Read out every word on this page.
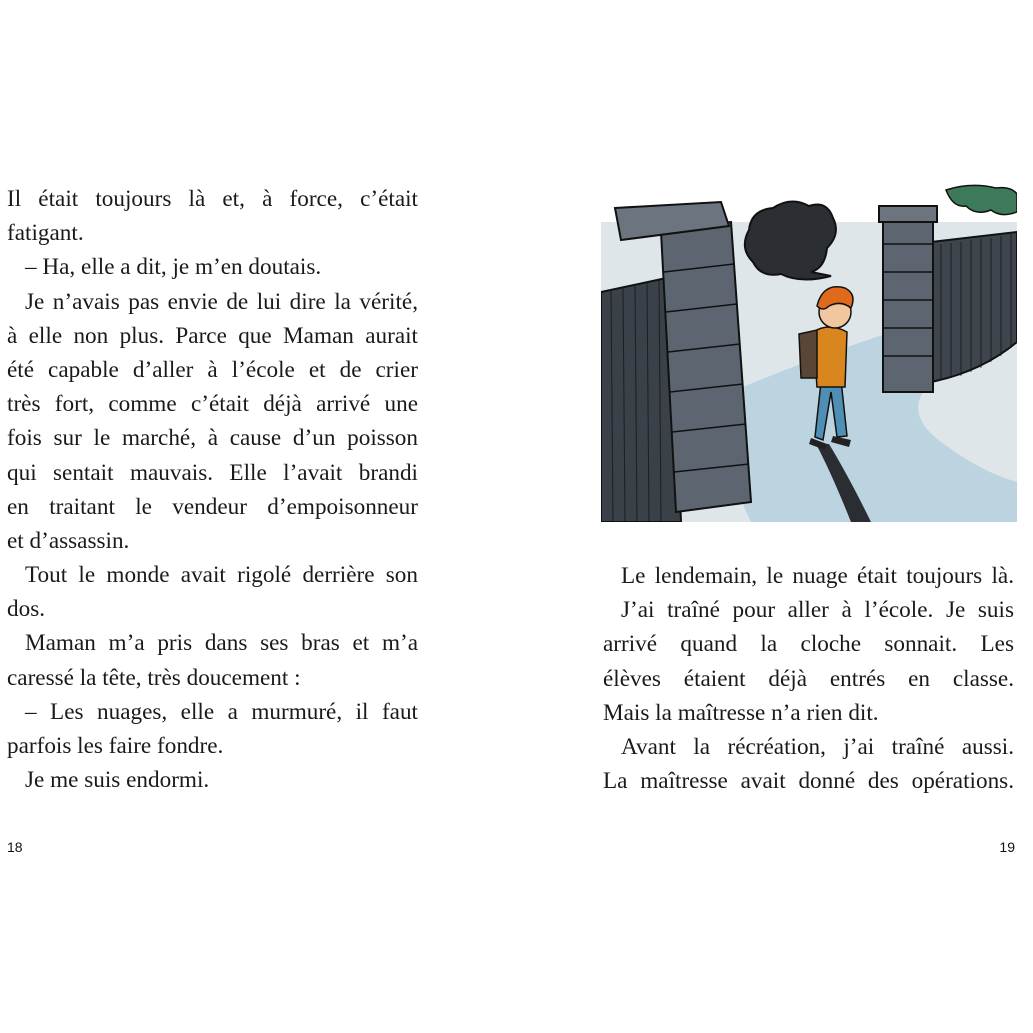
Il était toujours là et, à force, c’était
fatigant.
– Ha, elle a dit, je m’en doutais.
Je n’avais pas envie de lui dire la vérité,
à elle non plus. Parce que Maman aurait
été capable d’aller à l’école et de crier
très fort, comme c’était déjà arrivé une
fois sur le marché, à cause d’un poisson
qui sentait mauvais. Elle l’avait brandi
en traitant le vendeur d’empoisonneur
et d’assassin.
Tout le monde avait rigolé derrière son
dos.
Maman m’a pris dans ses bras et m’a
caressé la tête, très doucement :
– Les nuages, elle a murmuré, il faut
parfois les faire fondre.
Je me suis endormi.
18
Le lendemain, le nuage était toujours là.
J’ai traîné pour aller à l’école. Je suis
arrivé quand la cloche sonnait. Les
élèves étaient déjà entrés en classe.
Mais la maîtresse n’a rien dit.
Avant la récréation, j’ai traîné aussi.
La maîtresse avait donné des opérations.
19
